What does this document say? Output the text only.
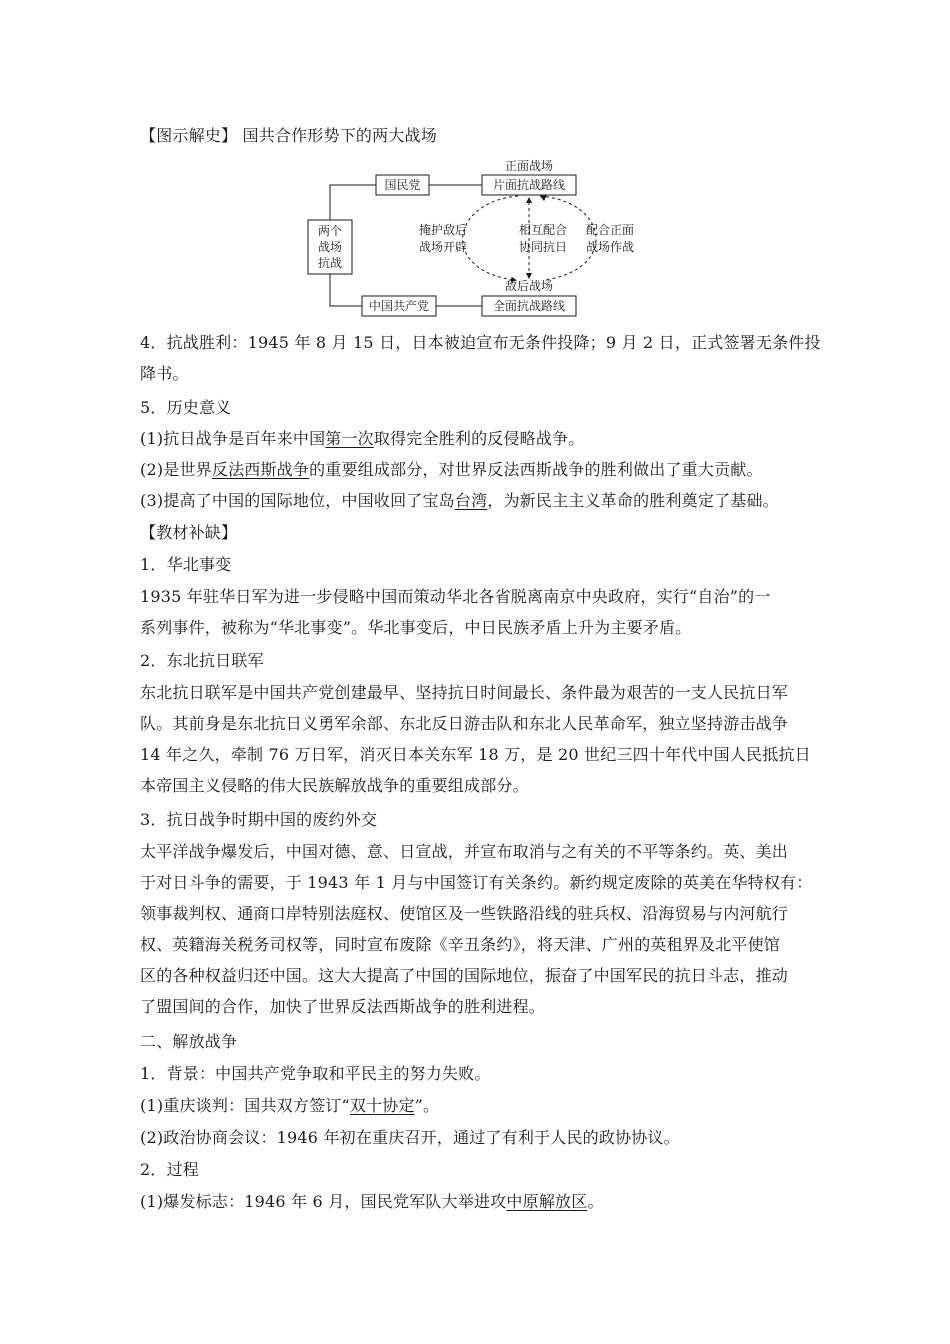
【图示解史】 国共合作形势下的两大战场
两个
战场
抗战
国民党
中国共产党
片面抗战路线
全面抗战路线
正面战场
敌后战场
掩护敌后
战场开辟
相互配合
协同抗日
配合正面
战场作战
4．抗战胜利：1945 年 8 月 15 日，日本被迫宣布无条件投降；9 月 2 日，正式签署无条件投
降书。
5．历史意义
(1)抗日战争是百年来中国第一次取得完全胜利的反侵略战争。
(2)是世界反法西斯战争的重要组成部分，对世界反法西斯战争的胜利做出了重大贡献。
(3)提高了中国的国际地位，中国收回了宝岛台湾，为新民主主义革命的胜利奠定了基础。
【教材补缺】
1．华北事变
1935 年驻华日军为进一步侵略中国而策动华北各省脱离南京中央政府，实行“自治”的一
系列事件，被称为“华北事变”。华北事变后，中日民族矛盾上升为主要矛盾。
2．东北抗日联军
东北抗日联军是中国共产党创建最早、坚持抗日时间最长、条件最为艰苦的一支人民抗日军
队。其前身是东北抗日义勇军余部、东北反日游击队和东北人民革命军，独立坚持游击战争
14 年之久，牵制 76 万日军，消灭日本关东军 18 万，是 20 世纪三四十年代中国人民抵抗日
本帝国主义侵略的伟大民族解放战争的重要组成部分。
3．抗日战争时期中国的废约外交
太平洋战争爆发后，中国对德、意、日宣战，并宣布取消与之有关的不平等条约。英、美出
于对日斗争的需要，于 1943 年 1 月与中国签订有关条约。新约规定废除的英美在华特权有：
领事裁判权、通商口岸特别法庭权、使馆区及一些铁路沿线的驻兵权、沿海贸易与内河航行
权、英籍海关税务司权等，同时宣布废除《辛丑条约》，将天津、广州的英租界及北平使馆
区的各种权益归还中国。这大大提高了中国的国际地位，振奋了中国军民的抗日斗志，推动
了盟国间的合作，加快了世界反法西斯战争的胜利进程。
二、解放战争
1．背景：中国共产党争取和平民主的努力失败。
(1)重庆谈判：国共双方签订“双十协定”。
(2)政治协商会议：1946 年初在重庆召开，通过了有利于人民的政协协议。
2．过程
(1)爆发标志：1946 年 6 月，国民党军队大举进攻中原解放区。
